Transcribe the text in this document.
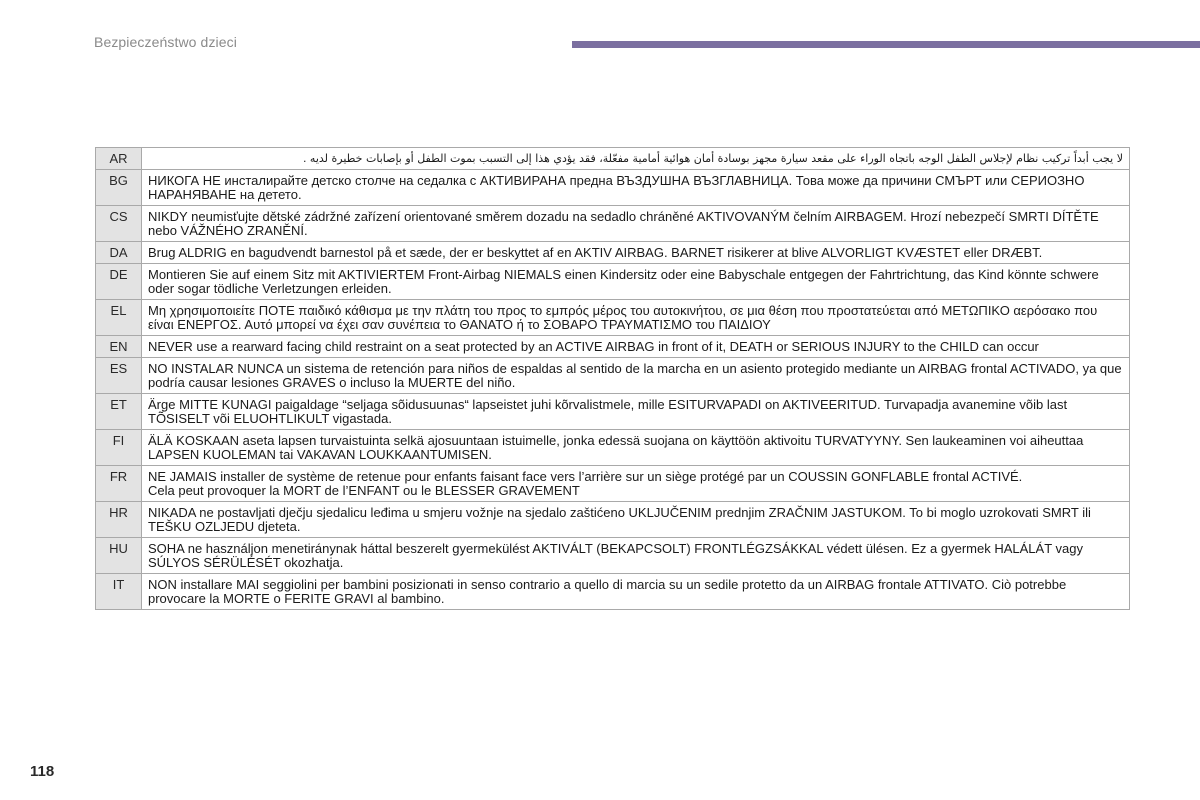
Bezpieczeństwo dzieci
AR	لا يجب أبداً تركيب نظام لإجلاس الطفل الوجه باتجاه الوراء على مقعد سيارة مجهز بوسادة أمان هوائية أمامية مفعّلة، فقد يؤدي هذا إلى التسبب بموت الطفل أو بإصابات خطيرة لديه .
BG	НИКОГА НЕ инсталирайте детско столче на седалка с АКТИВИРАНА предна ВЪЗДУШНА ВЪЗГЛАВНИЦА. Това може да причини СМЪРТ или СЕРИОЗНО НАРАНЯВАНЕ на детето.
CS	NIKDY neumisťujte dětské zádržné zařízení orientované směrem dozadu na sedadlo chráněné AKTIVOVANÝM čelním AIRBAGEM. Hrozí nebezpečí SMRTI DÍTĚTE nebo VÁŽNÉHO ZRANĚNÍ.
DA	Brug ALDRIG en bagudvendt barnestol på et sæde, der er beskyttet af en AKTIV AIRBAG. BARNET risikerer at blive ALVORLIGT KVÆSTET eller DRÆBT.
DE	Montieren Sie auf einem Sitz mit AKTIVIERTEM Front-Airbag NIEMALS einen Kindersitz oder eine Babyschale entgegen der Fahrtrichtung, das Kind könnte schwere oder sogar tödliche Verletzungen erleiden.
EL	Μη χρησιμοποιείτε ΠΟΤΕ παιδικό κάθισμα με την πλάτη του προς το εμπρός μέρος του αυτοκινήτου, σε μια θέση που προστατεύεται από ΜΕΤΩΠΙΚΟ αερόσακο που είναι ΕΝΕΡΓΟΣ. Αυτό μπορεί να έχει σαν συνέπεια το ΘΑΝΑΤΟ ή το ΣΟΒΑΡΟ ΤΡΑΥΜΑΤΙΣΜΟ του ΠΑΙΔΙΟΥ
EN	NEVER use a rearward facing child restraint on a seat protected by an ACTIVE AIRBAG in front of it, DEATH or SERIOUS INJURY to the CHILD can occur
ES	NO INSTALAR NUNCA un sistema de retención para niños de espaldas al sentido de la marcha en un asiento protegido mediante un AIRBAG frontal ACTIVADO, ya que podría causar lesiones GRAVES o incluso la MUERTE del niño.
ET	Ärge MITTE KUNAGI paigaldage “seljaga sõidusuunas“ lapseistet juhi kõrvalistmele, mille ESITURVAPADI on AKTIVEERITUD. Turvapadja avanemine võib last TÕSISELT või ELUOHTLIKULT vigastada.
FI	ÄLÄ KOSKAAN aseta lapsen turvaistuinta selkä ajosuuntaan istuimelle, jonka edessä suojana on käyttöön aktivoitu TURVATYYNY. Sen laukeaminen voi aiheuttaa LAPSEN KUOLEMAN tai VAKAVAN LOUKKAANTUMISEN.
FR	NE JAMAIS installer de système de retenue pour enfants faisant face vers l’arrière sur un siège protégé par un COUSSIN GONFLABLE frontal ACTIVÉ.
Cela peut provoquer la MORT de l’ENFANT ou le BLESSER GRAVEMENT
HR	NIKADA ne postavljati dječju sjedalicu leđima u smjeru vožnje na sjedalo zaštićeno UKLJUČENIM prednjim ZRAČNIM JASTUKOM. To bi moglo uzrokovati SMRT ili TEŠKU OZLJEDU djeteta.
HU	SOHA ne használjon menetiránynak háttal beszerelt gyermekülést AKTIVÁLT (BEKAPCSOLT) FRONTLÉGZSÁKKAL védett ülésen. Ez a gyermek HALÁLÁT vagy SÚLYOS SÉRÜLÉSÉT okozhatja.
IT	NON installare MAI seggiolini per bambini posizionati in senso contrario a quello di marcia su un sedile protetto da un AIRBAG frontale ATTIVATO. Ciò potrebbe provocare la MORTE o FERITE GRAVI al bambino.
118
